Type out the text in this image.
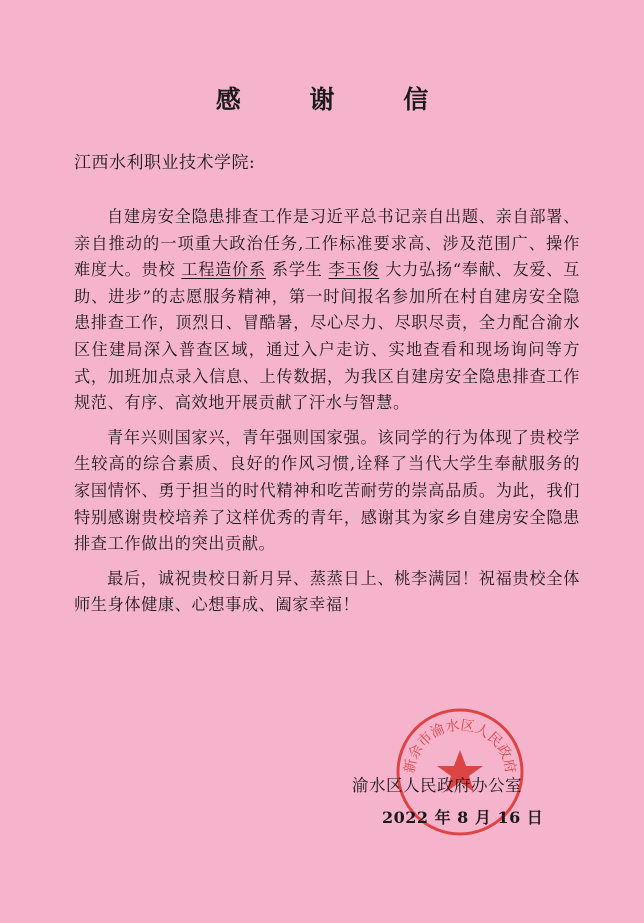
感 谢 信
江西水利职业技术学院:

自建房安全隐患排查工作是习近平总书记亲自出题、亲自部署、亲自推动的一项重大政治任务,工作标准要求高、涉及范围广、操作难度大。贵校 工程造价系 系学生 李玉俊 大力弘扬“奉献、友爱、互助、进步”的志愿服务精神，第一时间报名参加所在村自建房安全隐患排查工作，顶烈日、冒酷暑，尽心尽力、尽职尽责，全力配合渝水区住建局深入普查区域，通过入户走访、实地查看和现场询问等方式，加班加点录入信息、上传数据，为我区自建房安全隐患排查工作规范、有序、高效地开展贡献了汗水与智慧。

青年兴则国家兴，青年强则国家强。该同学的行为体现了贵校学生较高的综合素质、良好的作风习惯,诠释了当代大学生奉献服务的家国情怀、勇于担当的时代精神和吃苦耐劳的崇高品质。为此，我们特别感谢贵校培养了这样优秀的青年，感谢其为家乡自建房安全隐患排查工作做出的突出贡献。

最后，诚祝贵校日新月异、蒸蒸日上、桃李满园！祝福贵校全体师生身体健康、心想事成、阖家幸福！

新余市渝水区人民政府
渝水区人民政府办公室
2022 年 8 月 16 日
